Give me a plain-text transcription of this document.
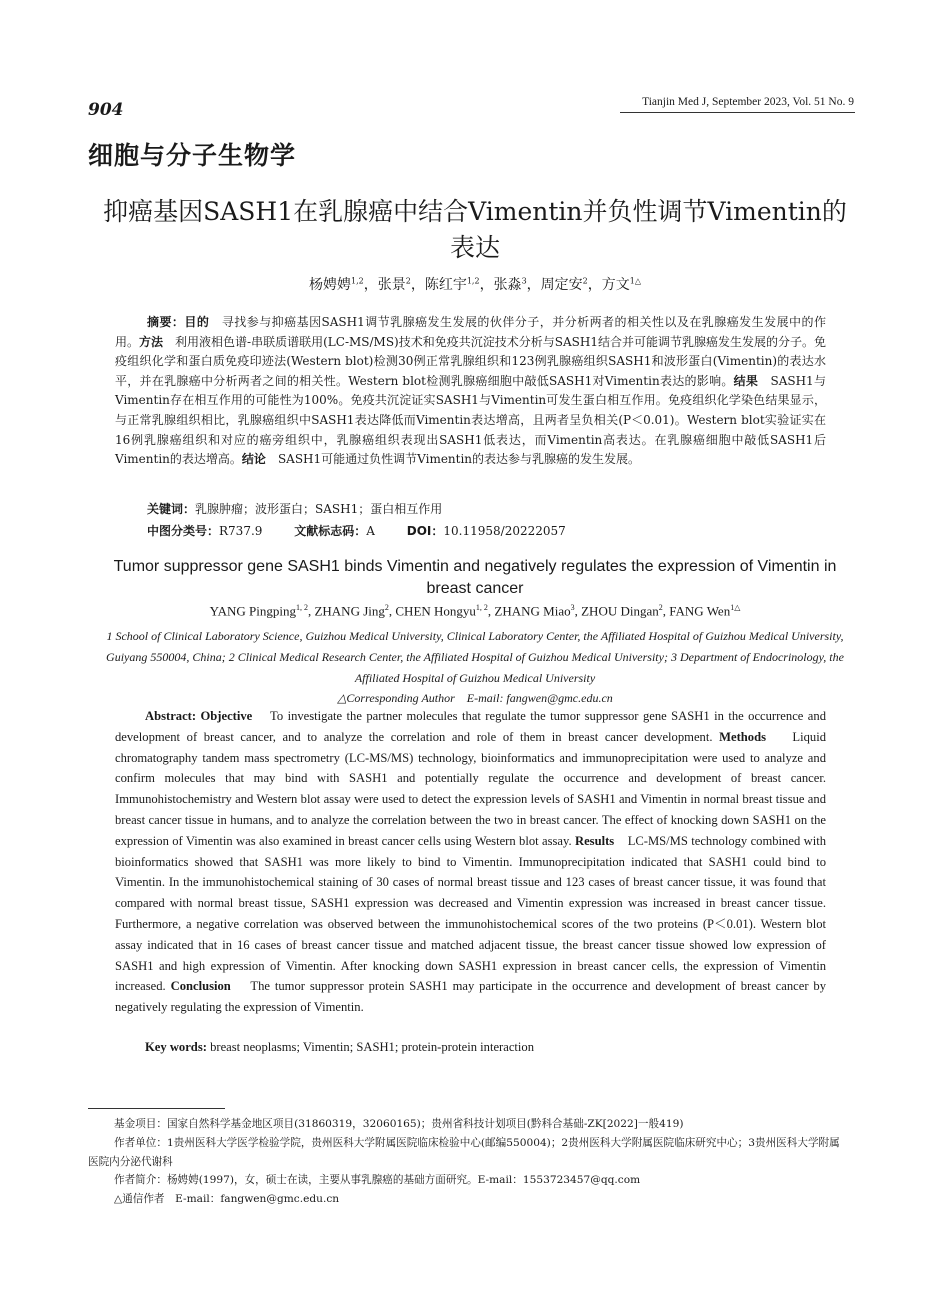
904	Tianjin Med J, September 2023, Vol. 51 No. 9
细胞与分子生物学
抑癌基因SASH1在乳腺癌中结合Vimentin并负性调节Vimentin的表达
杨娉娉$^{1,2}$，张景$^2$，陈红宇$^{1,2}$，张淼$^3$，周定安$^2$，方文$^{1\triangle}$

摘要：目的　 寻找参与抑癌基因SASH1调节乳腺癌发生发展的伙伴分子，并分析两者的相关性以及在乳腺癌发生发展中的作用。方法　 利用液相色谱-串联质谱联用(LC-MS/MS)技术和免疫共沉淀技术分析与SASH1结合并可能调节乳腺癌发生发展的分子。免疫组织化学和蛋白质免疫印迹法(Western blot)检测30例正常乳腺组织和123例乳腺癌组织SASH1和波形蛋白(Vimentin)的表达水平，并在乳腺癌中分析两者之间的相关性。Western blot检测乳腺癌细胞中敲低SASH1对Vimentin表达的影响。结果　 SASH1与Vimentin存在相互作用的可能性为100%。免疫共沉淀证实SASH1与Vimentin可发生蛋白相互作用。免疫组织化学染色结果显示，与正常乳腺组织相比，乳腺癌组织中SASH1表达降低而Vimentin表达增高，且两者呈负相关(P＜0.01)。Western blot实验证实在16例乳腺癌组织和对应的癌旁组织中，乳腺癌组织表现出SASH1低表达，而Vimentin高表达。在乳腺癌细胞中敲低SASH1后Vimentin的表达增高。结论　 SASH1可能通过负性调节Vimentin的表达参与乳腺癌的发生发展。

关键词：乳腺肿瘤；波形蛋白；SASH1；蛋白相互作用
中图分类号：R737.9	文献标志码：A	DOI：10.11958/20222057
Tumor suppressor gene SASH1 binds Vimentin and negatively regulates the expression of Vimentin in breast cancer
YANG Pingping$^{1, 2}$, ZHANG Jing$^2$, CHEN Hongyu$^{1, 2}$, ZHANG Miao$^3$, ZHOU Dingan$^2$, FANG Wen$^{1\triangle}$
1 School of Clinical Laboratory Science, Guizhou Medical University, Clinical Laboratory Center, the Affiliated Hospital of Guizhou Medical University, Guiyang 550004, China; 2 Clinical Medical Research Center, the Affiliated Hospital of Guizhou Medical University; 3 Department of Endocrinology, the Affiliated Hospital of Guizhou Medical University
△Corresponding Author　E-mail: fangwen@gmc.edu.cn

Abstract: Objective To investigate the partner molecules that regulate the tumor suppressor gene SASH1 in the occurrence and development of breast cancer, and to analyze the correlation and role of them in breast cancer development. Methods Liquid chromatography tandem mass spectrometry (LC-MS/MS) technology, bioinformatics and immunoprecipitation were used to analyze and confirm molecules that may bind with SASH1 and potentially regulate the occurrence and development of breast cancer. Immunohistochemistry and Western blot assay were used to detect the expression levels of SASH1 and Vimentin in normal breast tissue and breast cancer tissue in humans, and to analyze the correlation between the two in breast cancer. The effect of knocking down SASH1 on the expression of Vimentin was also examined in breast cancer cells using Western blot assay. Results LC-MS/MS technology combined with bioinformatics showed that SASH1 was more likely to bind to Vimentin. Immunoprecipitation indicated that SASH1 could bind to Vimentin. In the immunohistochemical staining of 30 cases of normal breast tissue and 123 cases of breast cancer tissue, it was found that compared with normal breast tissue, SASH1 expression was decreased and Vimentin expression was increased in breast cancer tissue. Furthermore, a negative correlation was observed between the immunohistochemical scores of the two proteins (P＜0.01). Western blot assay indicated that in 16 cases of breast cancer tissue and matched adjacent tissue, the breast cancer tissue showed low expression of SASH1 and high expression of Vimentin. After knocking down SASH1 expression in breast cancer cells, the expression of Vimentin increased. Conclusion The tumor suppressor protein SASH1 may participate in the occurrence and development of breast cancer by negatively regulating the expression of Vimentin.

Key words: breast neoplasms; Vimentin; SASH1; protein-protein interaction

基金项目：国家自然科学基金地区项目(31860319，32060165)；贵州省科技计划项目(黔科合基础-ZK[2022]一般419)

作者单位：1贵州医科大学医学检验学院，贵州医科大学附属医院临床检验中心(邮编550004)；2贵州医科大学附属医院临床研究中心；3贵州医科大学附属医院内分泌代谢科

作者简介：杨娉娉(1997)，女，硕士在读，主要从事乳腺癌的基础方面研究。E-mail：1553723457@qq.com

△通信作者　E-mail：fangwen@gmc.edu.cn
